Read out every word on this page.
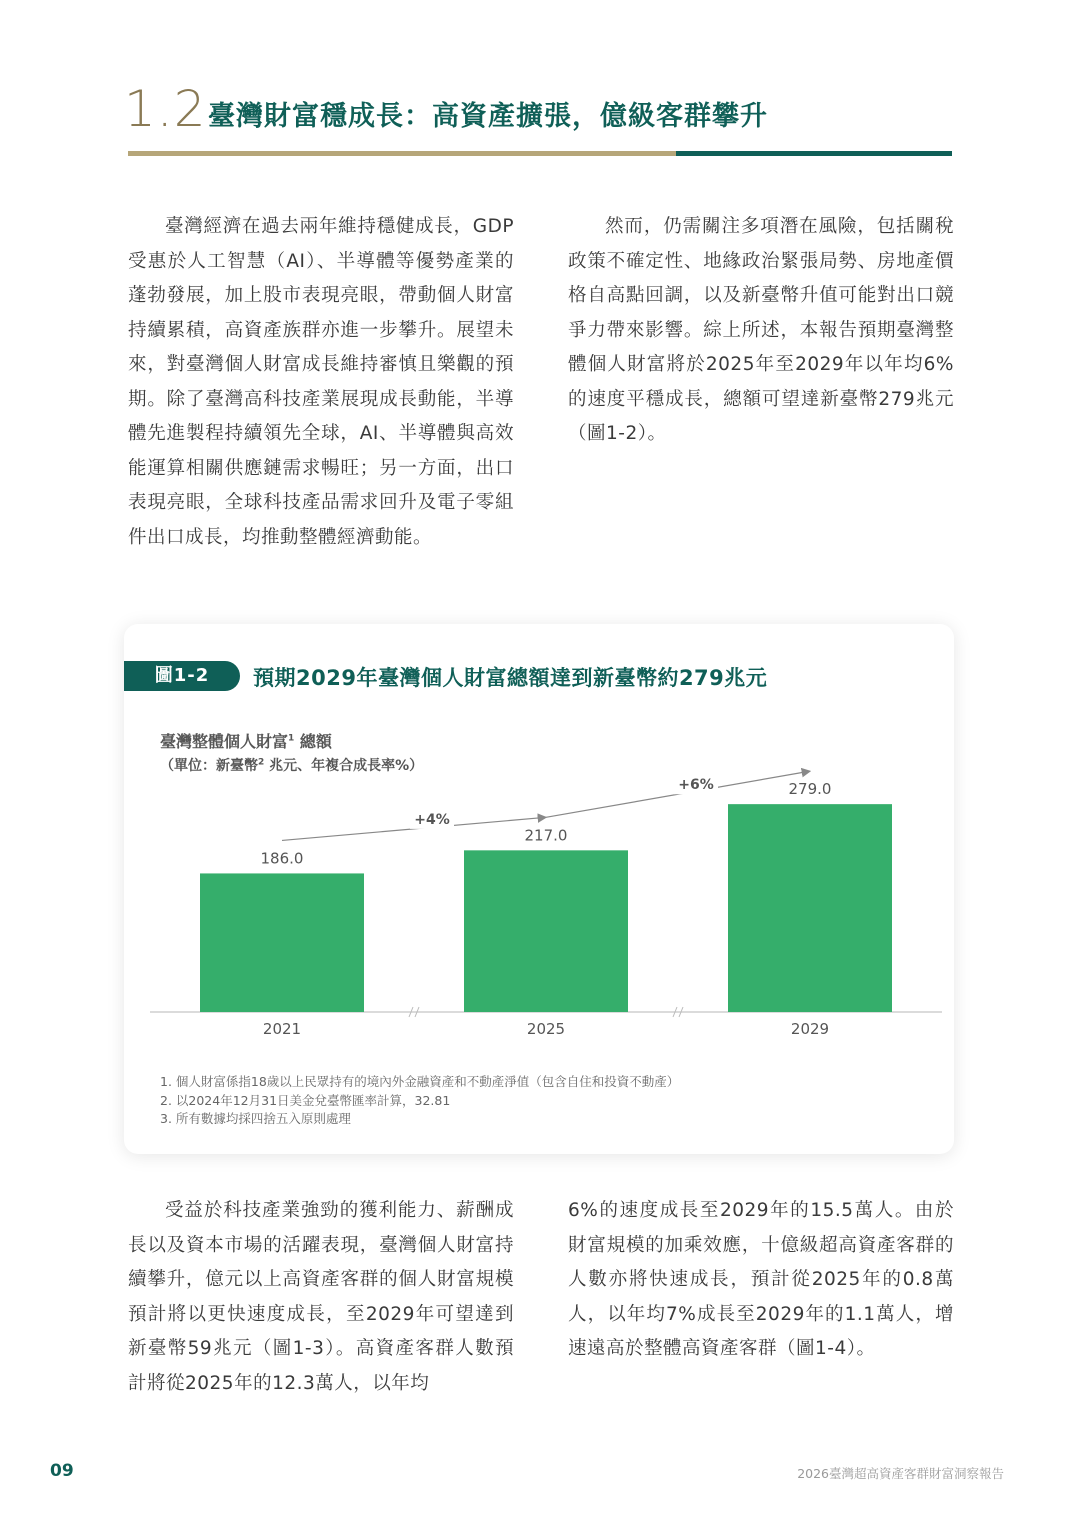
1.2 臺灣財富穩成長：高資產擴張，億級客群攀升

臺灣經濟在過去兩年維持穩健成長，GDP受惠於人工智慧（AI）、半導體等優勢產業的蓬勃發展，加上股市表現亮眼，帶動個人財富持續累積，高資產族群亦進一步攀升。展望未來，對臺灣個人財富成長維持審慎且樂觀的預期。除了臺灣高科技產業展現成長動能，半導體先進製程持續領先全球，AI、半導體與高效能運算相關供應鏈需求暢旺；另一方面，出口表現亮眼，全球科技產品需求回升及電子零組件出口成長，均推動整體經濟動能。

然而，仍需關注多項潛在風險，包括關稅政策不確定性、地緣政治緊張局勢、房地產價格自高點回調，以及新臺幣升值可能對出口競爭力帶來影響。綜上所述，本報告預期臺灣整體個人財富將於2025年至2029年以年均6%的速度平穩成長，總額可望達新臺幣279兆元（圖1-2）。

圖1-2	預期2029年臺灣個人財富總額達到新臺幣約279兆元
臺灣整體個人財富$^1$ 總額
（單位：新臺幣$^2$ 兆元、年複合成長率%）
186.0
2021
217.0
2025
279.0
2029
+4%
+6%
1. 個人財富係指18歲以上民眾持有的境內外金融資產和不動產淨值（包含自住和投資不動產）
2. 以2024年12月31日美金兌臺幣匯率計算，32.81
3. 所有數據均採四捨五入原則處理

受益於科技產業強勁的獲利能力、薪酬成長以及資本市場的活躍表現，臺灣個人財富持續攀升，億元以上高資產客群的個人財富規模預計將以更快速度成長，至2029年可望達到新臺幣59兆元（圖1-3）。高資產客群人數預計將從2025年的12.3萬人，以年均

6%的速度成長至2029年的15.5萬人。由於財富規模的加乘效應，十億級超高資產客群的人數亦將快速成長，預計從2025年的0.8萬人，以年均7%成長至2029年的1.1萬人，增速遠高於整體高資產客群（圖1-4）。

09	2026臺灣超高資產客群財富洞察報告
